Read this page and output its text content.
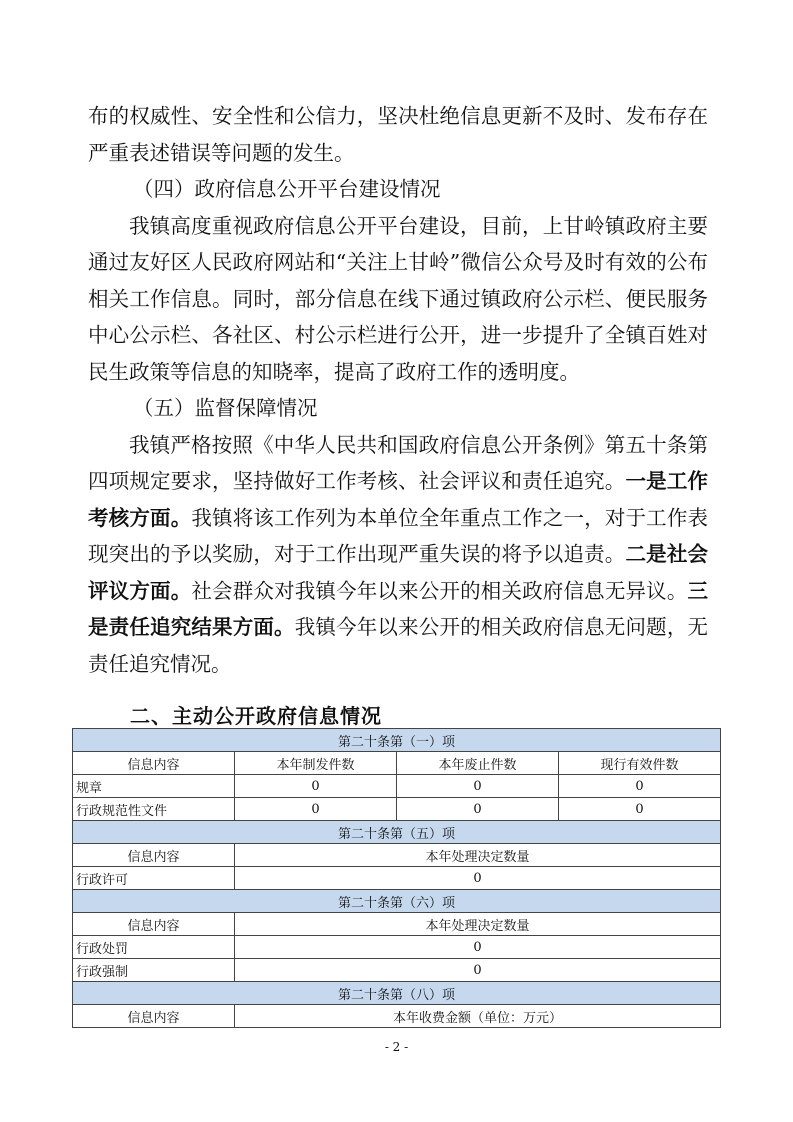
布的权威性、安全性和公信力，坚决杜绝信息更新不及时、发布存在严重表述错误等问题的发生。

（四）政府信息公开平台建设情况

我镇高度重视政府信息公开平台建设，目前，上甘岭镇政府主要通过友好区人民政府网站和“关注上甘岭”微信公众号及时有效的公布相关工作信息。同时，部分信息在线下通过镇政府公示栏、便民服务中心公示栏、各社区、村公示栏进行公开，进一步提升了全镇百姓对民生政策等信息的知晓率，提高了政府工作的透明度。

（五）监督保障情况

我镇严格按照《中华人民共和国政府信息公开条例》第五十条第四项规定要求，坚持做好工作考核、社会评议和责任追究。一是工作考核方面。我镇将该工作列为本单位全年重点工作之一，对于工作表现突出的予以奖励，对于工作出现严重失误的将予以追责。二是社会评议方面。社会群众对我镇今年以来公开的相关政府信息无异议。三是责任追究结果方面。我镇今年以来公开的相关政府信息无问题，无责任追究情况。

二、主动公开政府信息情况
第二十条第（一）项			
信息内容	本年制发件数	本年废止件数	现行有效件数
规章	0	0	0
行政规范性文件	0	0	0
第二十条第（五）项			
信息内容	本年处理决定数量		
行政许可	0		
第二十条第（六）项			
信息内容	本年处理决定数量		
行政处罚	0		
行政强制	0		
第二十条第（八）项			
信息内容	本年收费金额（单位：万元）		
- 2 -
